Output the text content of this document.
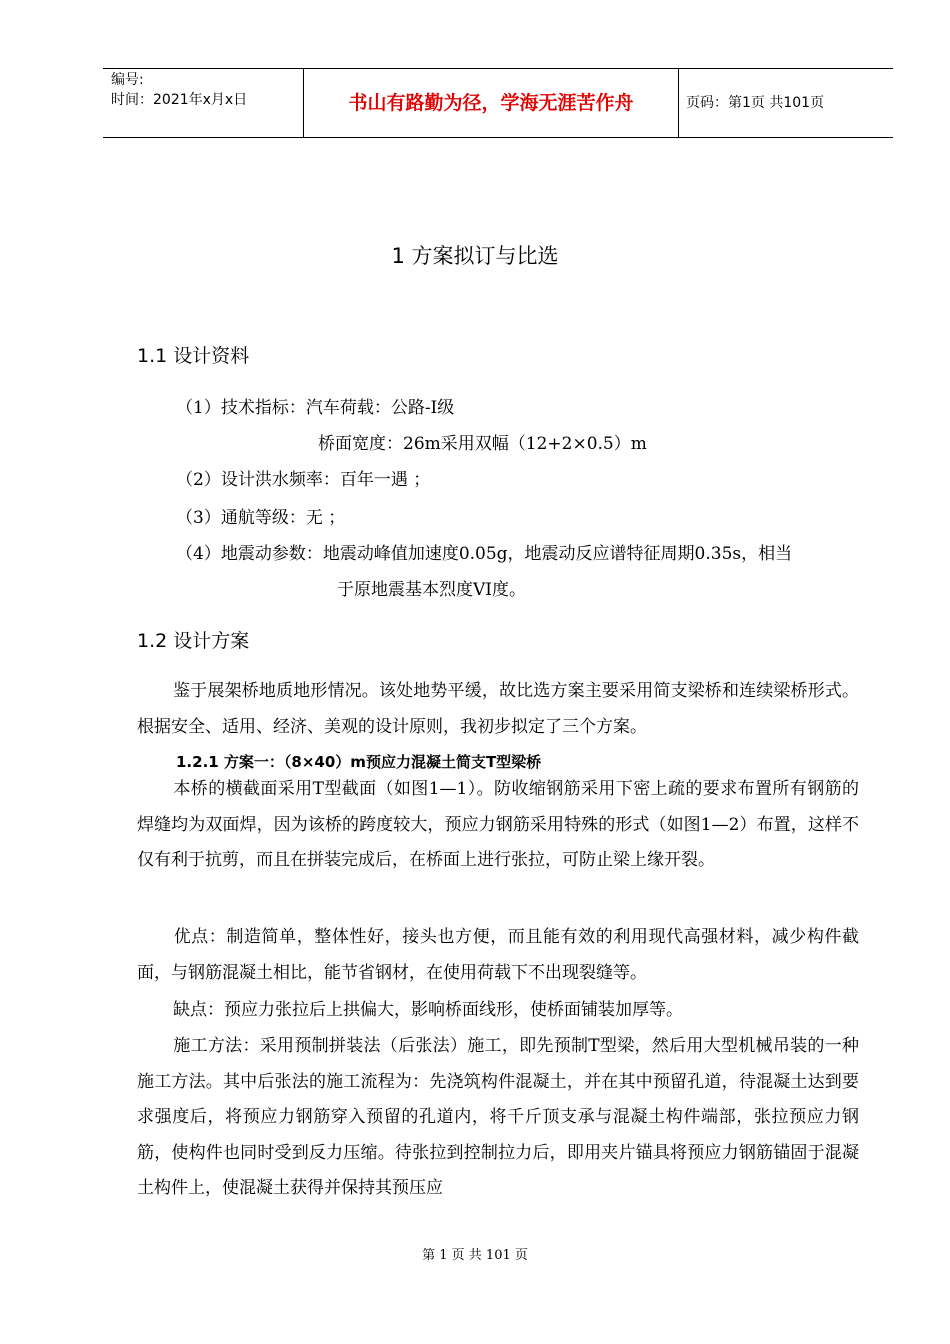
编号:
时间：2021年x月x日	书山有路勤为径，学海无涯苦作舟	页码：第1页 共101页
1 方案拟订与比选
1.1 设计资料
（1）技术指标：汽车荷载：公路-I级
桥面宽度：26m采用双幅（12+2×0.5）m
（2）设计洪水频率：百年一遇 ；
（3）通航等级：无 ；
（4）地震动参数：地震动峰值加速度0.05g，地震动反应谱特征周期0.35s，相当
于原地震基本烈度VI度。
1.2 设计方案
鉴于展架桥地质地形情况。该处地势平缓，故比选方案主要采用简支梁桥和连续梁桥形式。根据安全、适用、经济、美观的设计原则，我初步拟定了三个方案。
1.2.1 方案一：（8×40）m预应力混凝土简支T型梁桥
本桥的横截面采用T型截面（如图1—1）。防收缩钢筋采用下密上疏的要求布置所有钢筋的焊缝均为双面焊，因为该桥的跨度较大，预应力钢筋采用特殊的形式（如图1—2）布置，这样不仅有利于抗剪，而且在拼装完成后，在桥面上进行张拉，可防止梁上缘开裂。
优点：制造简单，整体性好，接头也方便，而且能有效的利用现代高强材料，减少构件截面，与钢筋混凝土相比，能节省钢材，在使用荷载下不出现裂缝等。
缺点：预应力张拉后上拱偏大，影响桥面线形，使桥面铺装加厚等。
施工方法：采用预制拼装法（后张法）施工，即先预制T型梁，然后用大型机械吊装的一种施工方法。其中后张法的施工流程为：先浇筑构件混凝土，并在其中预留孔道，待混凝土达到要求强度后，将预应力钢筋穿入预留的孔道内，将千斤顶支承与混凝土构件端部，张拉预应力钢筋，使构件也同时受到反力压缩。待张拉到控制拉力后，即用夹片锚具将预应力钢筋锚固于混凝土构件上，使混凝土获得并保持其预压应
第 1 页 共 101 页
